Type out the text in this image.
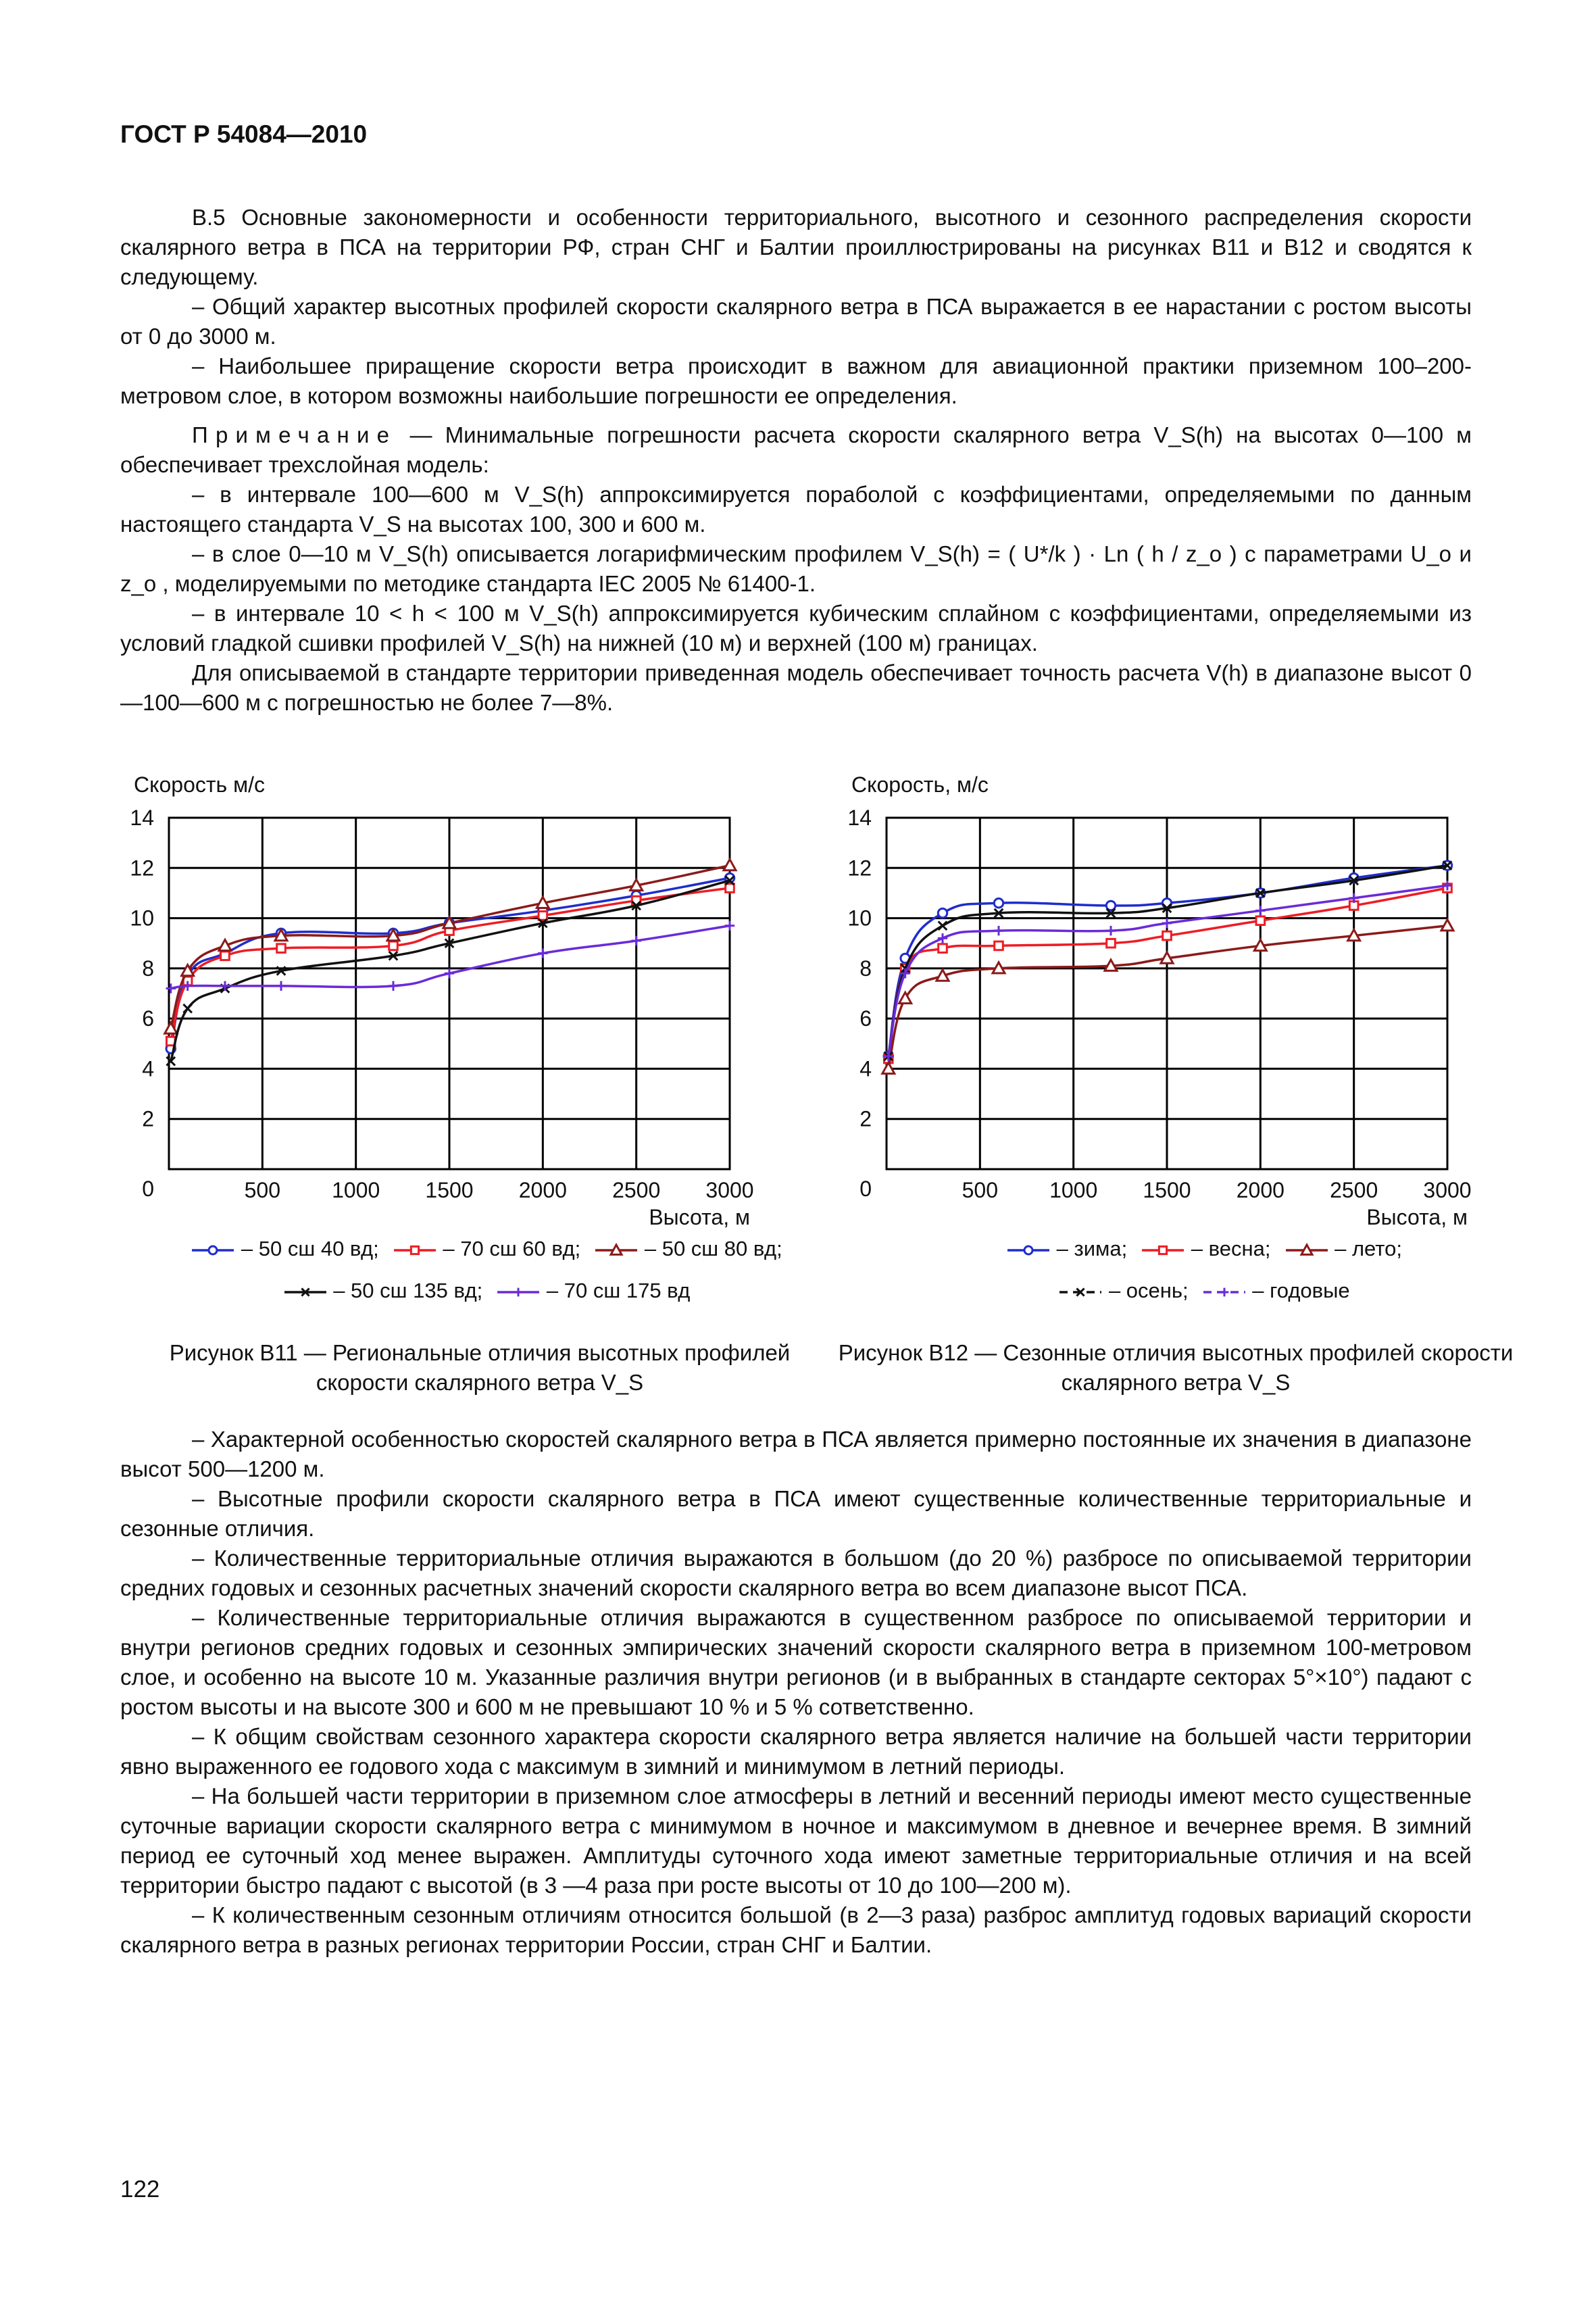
ГОСТ Р 54084—2010

В.5 Основные закономерности и особенности территориального, высотного и сезонного распределения скорости скалярного ветра в ПСА на территории РФ, стран СНГ и Балтии проиллюстрированы на рисунках В11 и В12 и сводятся к следующему.

– Общий характер высотных профилей скорости скалярного ветра в ПСА выражается в ее нарастании с ростом высоты от 0 до 3000 м.

– Наибольшее приращение скорости ветра происходит в важном для авиационной практики приземном 100–200-метровом слое, в котором возможны наибольшие погрешности ее определения.

Примечание — Минимальные погрешности расчета скорости скалярного ветра V_S(h) на высотах 0—100 м обеспечивает трехслойная модель:

– в интервале 100—600 м V_S(h) аппроксимируется пораболой с коэффициентами, определяемыми по данным настоящего стандарта V_S на высотах 100, 300 и 600 м.

– в слое 0—10 м V_S(h) описывается логарифмическим профилем V_S(h) = ( U*/k ) · Ln ( h / z_o ) с параметрами U_o и z_o , моделируемыми по методике стандарта IEC 2005 № 61400-1.

– в интервале 10 < h < 100 м V_S(h) аппроксимируется кубическим сплайном с коэффициентами, определяемыми из условий гладкой сшивки профилей V_S(h) на нижней (10 м) и верхней (100 м) границах.

Для описываемой в стандарте территории приведенная модель обеспечивает точность расчета V(h) в диапазоне высот 0—100—600 м с погрешностью не более 7—8%.

Скорость м/с
2
4
6
8
10
12
14
0	500 1000 1500 2000 2500 3000
Высота, м
– 50 сш 40 вд;	– 70 сш 60 вд;	– 50 сш 80 вд;
– 50 сш 135 вд;	– 70 сш 175 вд
Скорость, м/с
2
4
6
8
10
12
14
0	500 1000 1500 2000 2500 3000
Высота, м
– зима;	– весна;	– лето;
– осень;	– годовые
Рисунок В11 — Региональные отличия высотных профилей скорости скалярного ветра V_S
Рисунок В12 — Сезонные отличия высотных профилей скорости скалярного ветра V_S

– Характерной особенностью скоростей скалярного ветра в ПСА является примерно постоянные их значения в диапазоне высот 500—1200 м.

– Высотные профили скорости скалярного ветра в ПСА имеют существенные количественные территориальные и сезонные отличия.

– Количественные территориальные отличия выражаются в большом (до 20 %) разбросе по описываемой территории средних годовых и сезонных расчетных значений скорости скалярного ветра во всем диапазоне высот ПСА.

– Количественные территориальные отличия выражаются в существенном разбросе по описываемой территории и внутри регионов средних годовых и сезонных эмпирических значений скорости скалярного ветра в приземном 100-метровом слое, и особенно на высоте 10 м. Указанные различия внутри регионов (и в выбранных в стандарте секторах 5°×10°) падают с ростом высоты и на высоте 300 и 600 м не превышают 10 % и 5 % сответственно.

– К общим свойствам сезонного характера скорости скалярного ветра является наличие на большей части территории явно выраженного ее годового хода с максимум в зимний и минимумом в летний периоды.

– На большей части территории в приземном слое атмосферы в летний и весенний периоды имеют место существенные суточные вариации скорости скалярного ветра с минимумом в ночное и максимумом в дневное и вечернее время. В зимний период ее суточный ход менее выражен. Амплитуды суточного хода имеют заметные территориальные отличия и на всей территории быстро падают с высотой (в 3 —4 раза при росте высоты от 10 до 100—200 м).

– К количественным сезонным отличиям относится большой (в 2—3 раза) разброс амплитуд годовых вариаций скорости скалярного ветра в разных регионах территории России, стран СНГ и Балтии.

122
